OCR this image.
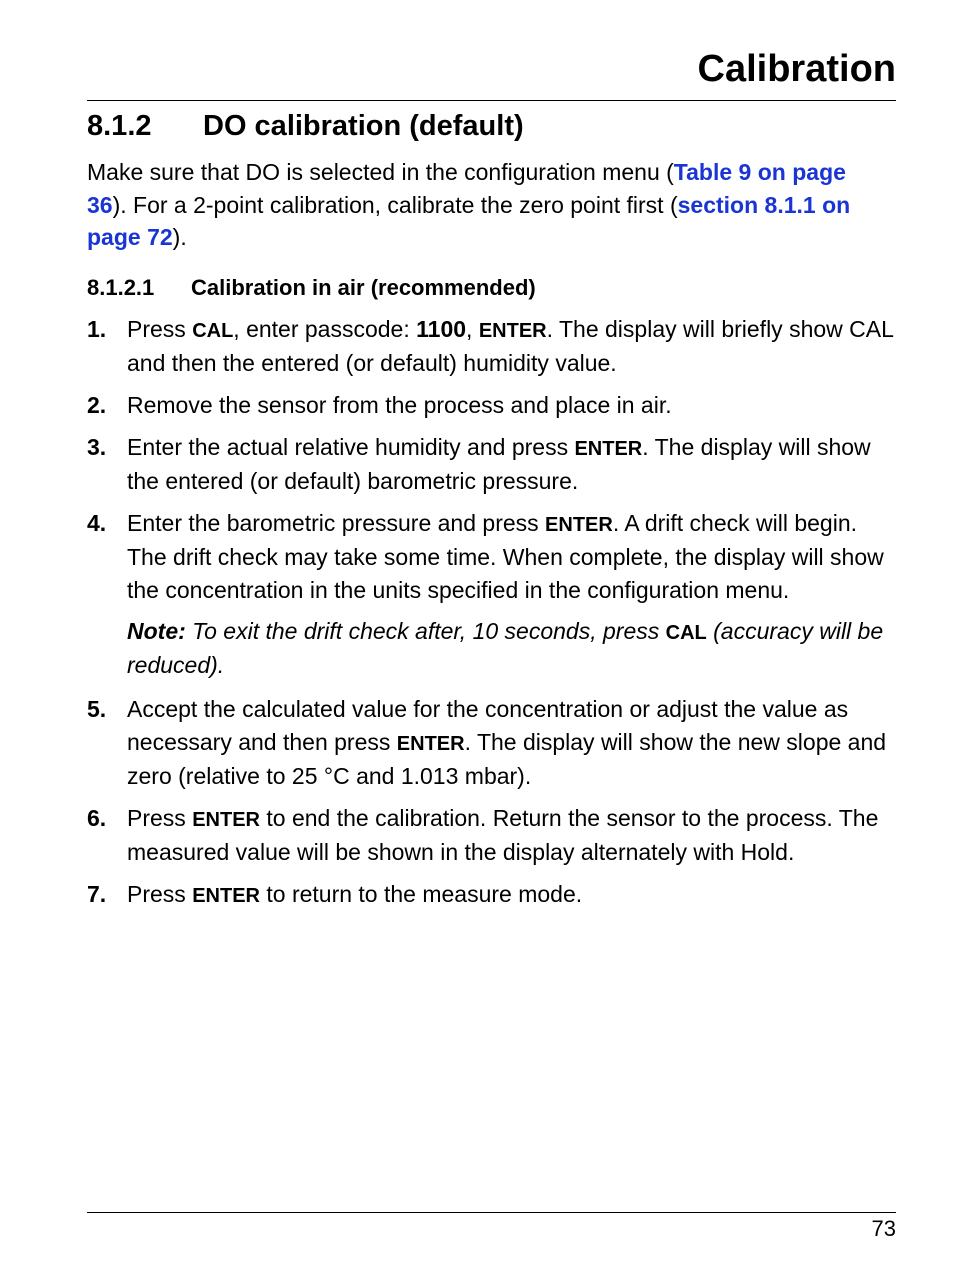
Calibration
8.1.2 DO calibration (default)

Make sure that DO is selected in the configuration menu (Table 9 on page 36). For a 2-point calibration, calibrate the zero point first (section 8.1.1 on page 72).

8.1.2.1 Calibration in air (recommended)
1. Press CAL, enter passcode: 1100, ENTER. The display will briefly show CAL and then the entered (or default) humidity value.
2. Remove the sensor from the process and place in air.
3. Enter the actual relative humidity and press ENTER. The display will show the entered (or default) barometric pressure.
4. Enter the barometric pressure and press ENTER. A drift check will begin. The drift check may take some time. When complete, the display will show the concentration in the units specified in the configuration menu.
Note: To exit the drift check after, 10 seconds, press CAL (accuracy will be reduced).
5. Accept the calculated value for the concentration or adjust the value as necessary and then press ENTER. The display will show the new slope and zero (relative to 25 °C and 1.013 mbar).
6. Press ENTER to end the calibration. Return the sensor to the process. The measured value will be shown in the display alternately with Hold.
7. Press ENTER to return to the measure mode.
73
